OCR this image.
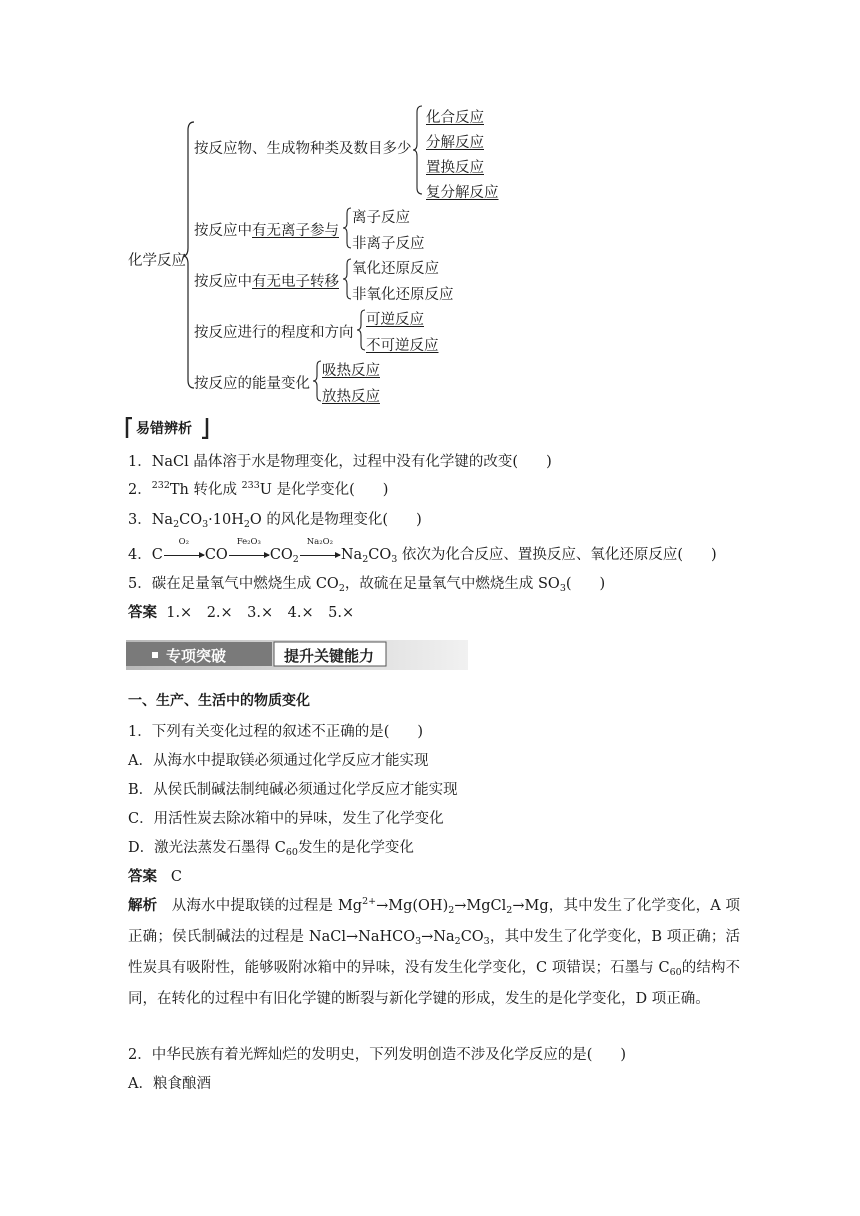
化学反应
按反应物、生成物种类及数目多少
化合反应
分解反应
置换反应
复分解反应
按反应中有无离子参与
离子反应
非离子反应
按反应中有无电子转移
氧化还原反应
非氧化还原反应
按反应进行的程度和方向
可逆反应
不可逆反应
按反应的能量变化
吸热反应
放热反应
易错辨析
1．NaCl 晶体溶于水是物理变化，过程中没有化学键的改变( )
2．$^{232}$Th 转化成 $^{233}$U 是化学变化( )
3．$Na_2CO_3\cdot 10H_2O$ 的风化是物理变化( )
4．C
O₂
CO
Fe₂O₃
$CO_2$
Na₂O₂
$Na_2CO_3$ 依次为化合反应、置换反应、氧化还原反应( )
5．碳在足量氧气中燃烧生成 $CO_2$，故硫在足量氧气中燃烧生成 $SO_3$( )
答案 1.×　2.×　3.×　4.×　5.×
专项突破	提升关键能力
一、生产、生活中的物质变化
1．下列有关变化过程的叙述不正确的是( )
A．从海水中提取镁必须通过化学反应才能实现
B．从侯氏制碱法制纯碱必须通过化学反应才能实现
C．用活性炭去除冰箱中的异味，发生了化学变化
D．激光法蒸发石墨得 $C_{60}$发生的是化学变化
答案 C
解析 从海水中提取镁的过程是 $Mg^{2+}\to Mg(OH)_2\to MgCl_2\to Mg$，其中发生了化学变化，A 项正确；侯氏制碱法的过程是 $NaCl\to NaHCO_3\to Na_2CO_3$，其中发生了化学变化，B 项正确；活性炭具有吸附性，能够吸附冰箱中的异味，没有发生化学变化，C 项错误；石墨与 $C_{60}$的结构不同，在转化的过程中有旧化学键的断裂与新化学键的形成，发生的是化学变化，D 项正确。
2．中华民族有着光辉灿烂的发明史，下列发明创造不涉及化学反应的是( )
A．粮食酿酒
